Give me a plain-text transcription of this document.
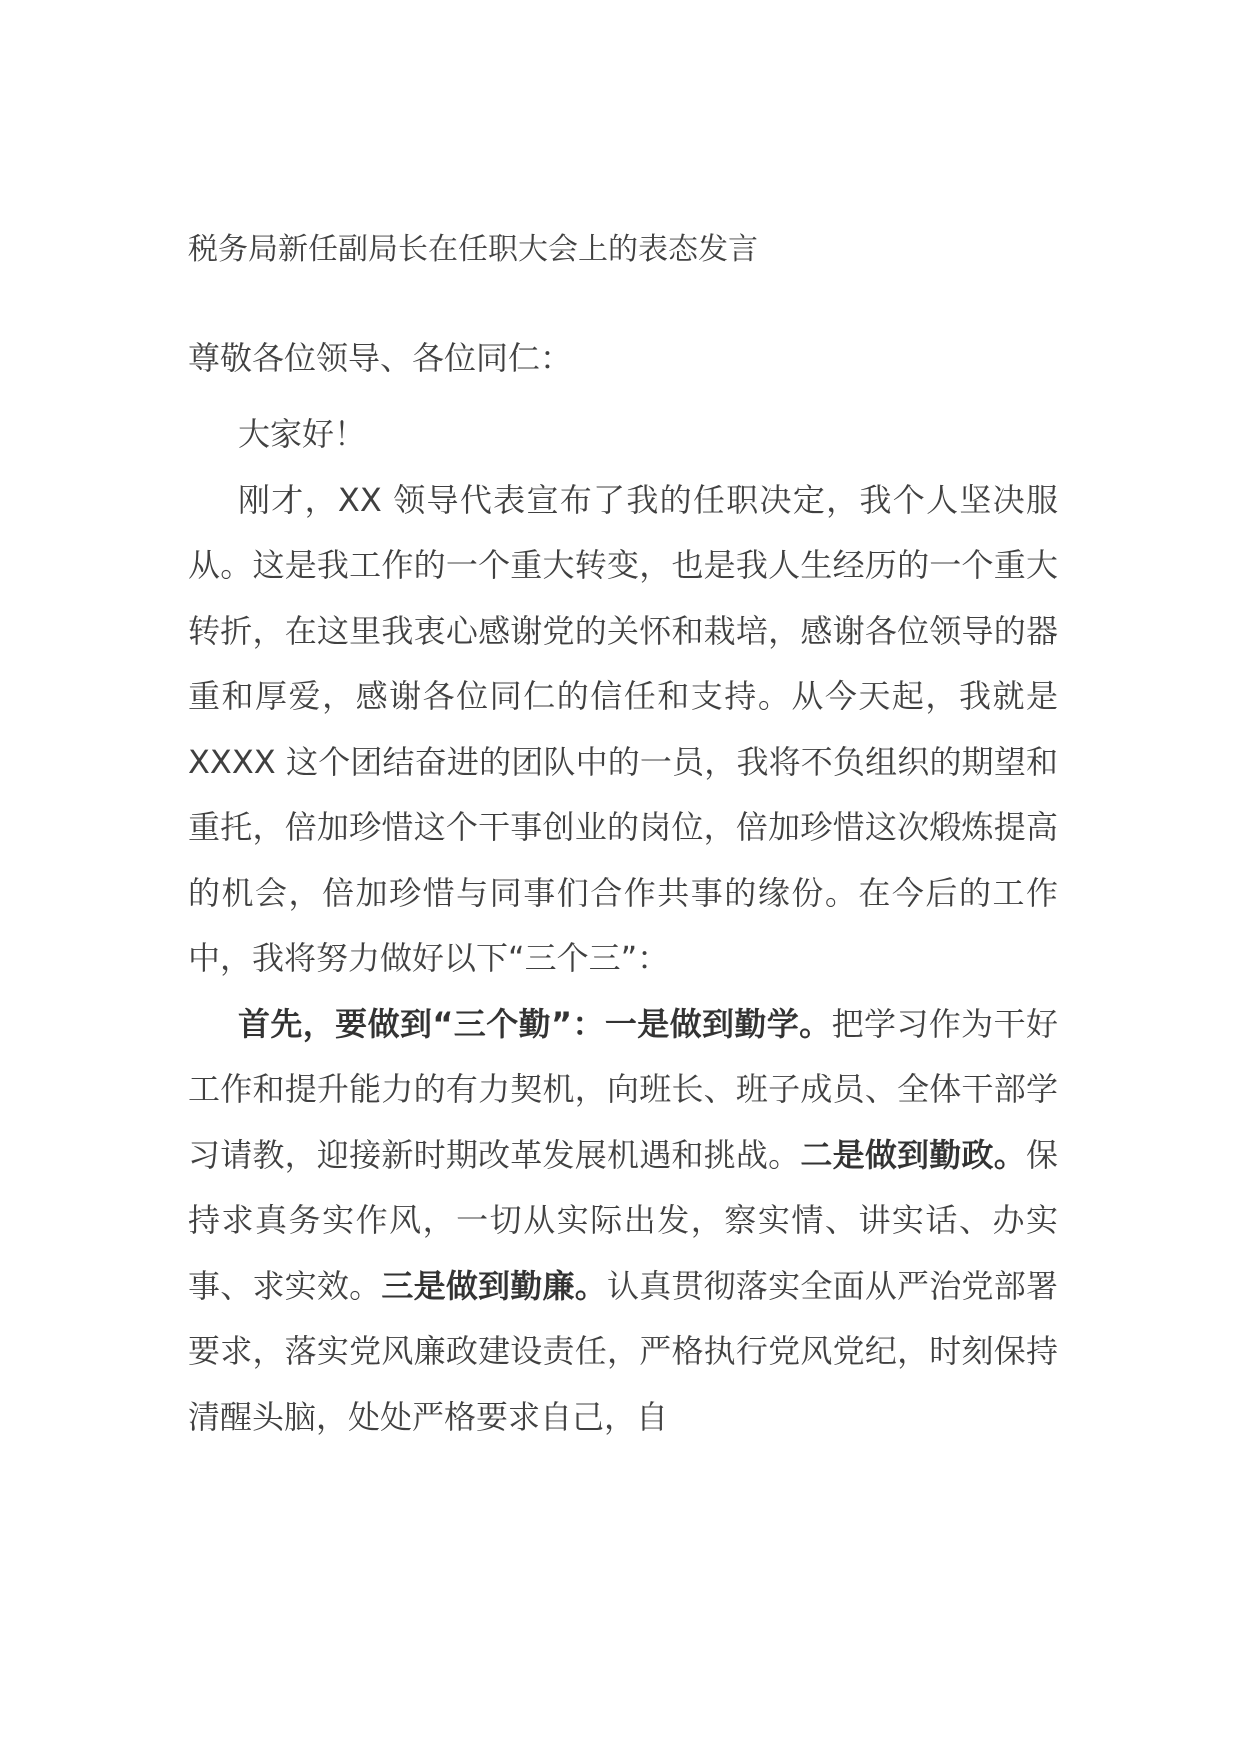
税务局新任副局长在任职大会上的表态发言
尊敬各位领导、各位同仁：

大家好！

刚才，XX 领导代表宣布了我的任职决定，我个人坚决服从。这是我工作的一个重大转变，也是我人生经历的一个重大转折，在这里我衷心感谢党的关怀和栽培，感谢各位领导的器重和厚爱，感谢各位同仁的信任和支持。从今天起，我就是 XXXX 这个团结奋进的团队中的一员，我将不负组织的期望和重托，倍加珍惜这个干事创业的岗位，倍加珍惜这次煅炼提高的机会，倍加珍惜与同事们合作共事的缘份。在今后的工作中，我将努力做好以下“三个三”：

首先，要做到“三个勤”：一是做到勤学。把学习作为干好工作和提升能力的有力契机，向班长、班子成员、全体干部学习请教，迎接新时期改革发展机遇和挑战。二是做到勤政。保持求真务实作风，一切从实际出发，察实情、讲实话、办实事、求实效。三是做到勤廉。认真贯彻落实全面从严治党部署要求，落实党风廉政建设责任，严格执行党风党纪，时刻保持清醒头脑，处处严格要求自己，自
